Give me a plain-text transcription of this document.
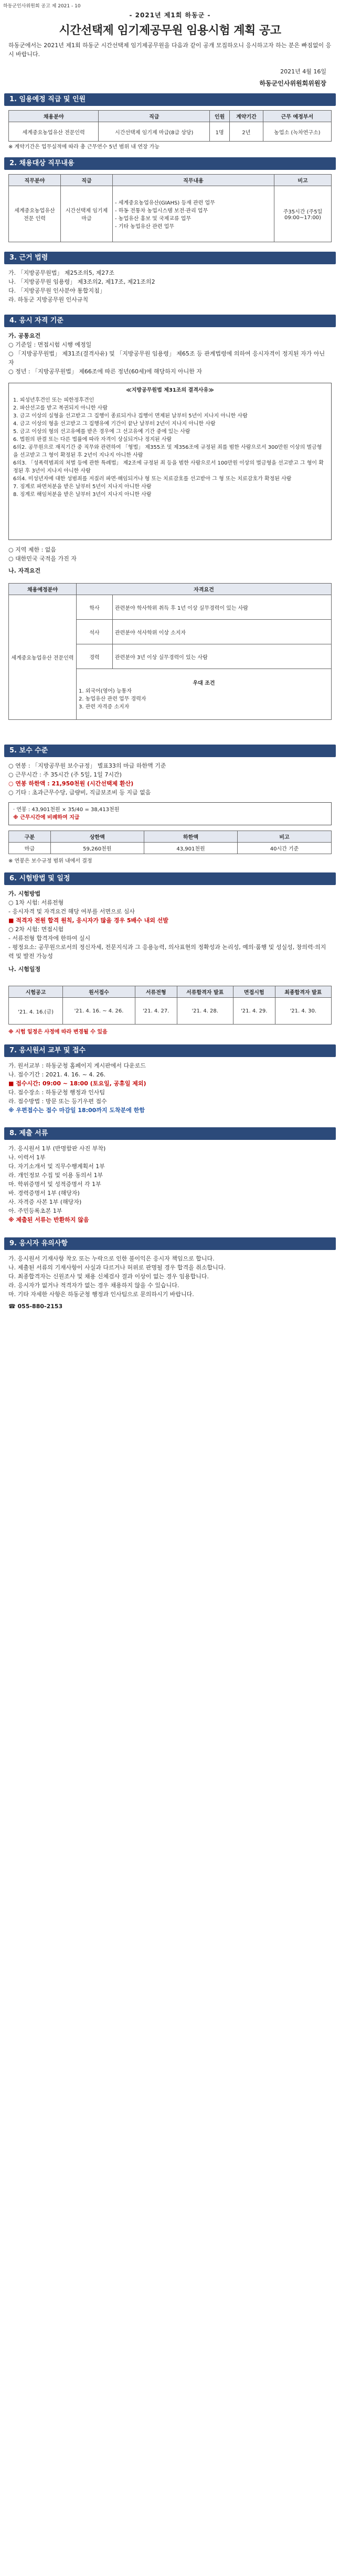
하동군인사위원회 공고 제 2021 - 10
- 2021년 제1회 하동군 -
시간선택제 임기제공무원 임용시험 계획 공고
하동군에서는 2021년 제1회 하동군 시간선택제 임기제공무원을 다음과 같이 공개 모집하오니 응시하고자 하는 분은 빠짐없이 응시 바랍니다.
2021년 4월 16일
하동군인사위원회위원장
1. 임용예정 직급 및 인원
채용분야	직급	인원	계약기간	근무 예정부서
세계중요농업유산 전문인력	시간선택제 임기제 마급(8급 상당)	1명	2년	농업소 (녹차연구소)
※ 계약기간은 업무실적에 따라 총 근무연수 5년 범위 내 연장 가능
2. 채용대상 직무내용
직무분야	직급	직무내용	비고
세계중요농업유산 전문 인력	시간선택제 임기제 마급	- 세계중요농업유산(GIAHS) 등재 관련 업무
- 하동 전통차 농업시스템 보전·관리 업무
- 농업유산 홍보 및 국제교류 업무
- 기타 농업유산 관련 업무	주35시간 (주5일 09:00~17:00)
3. 근거 법령

가. 「지방공무원법」 제25조의5, 제27조

나. 「지방공무원 임용령」 제3조의2, 제17조, 제21조의2

다. 「지방공무원 인사분야 통합지침」

라. 하동군 지방공무원 인사규칙

4. 응시 자격 기준

가. 공통요건

○ 기준일 : 면접시험 시행 예정일

○ 「지방공무원법」 제31조(결격사유) 및 「지방공무원 임용령」 제65조 등 관계법령에 의하여 응시자격이 정지된 자가 아닌 자

○ 정년 : 「지방공무원법」 제66조에 따른 정년(60세)에 해당하지 아니한 자

≪지방공무원법 제31조의 결격사유≫

1. 피성년후견인 또는 피한정후견인

2. 파산선고를 받고 복권되지 아니한 사람

3. 금고 이상의 실형을 선고받고 그 집행이 종료되거나 집행이 면제된 날부터 5년이 지나지 아니한 사람

4. 금고 이상의 형을 선고받고 그 집행유예 기간이 끝난 날부터 2년이 지나지 아니한 사람

5. 금고 이상의 형의 선고유예를 받은 경우에 그 선고유예 기간 중에 있는 사람

6. 법원의 판결 또는 다른 법률에 따라 자격이 상실되거나 정지된 사람

6의2. 공무원으로 재직기간 중 직무와 관련하여 「형법」 제355조 및 제356조에 규정된 죄를 범한 사람으로서 300만원 이상의 벌금형을 선고받고 그 형이 확정된 후 2년이 지나지 아니한 사람

6의3. 「성폭력범죄의 처벌 등에 관한 특례법」 제2조에 규정된 죄 등을 범한 사람으로서 100만원 이상의 벌금형을 선고받고 그 형이 확정된 후 3년이 지나지 아니한 사람

6의4. 미성년자에 대한 성범죄를 저질러 파면·해임되거나 형 또는 치료감호를 선고받아 그 형 또는 치료감호가 확정된 사람

7. 징계로 파면처분을 받은 날부터 5년이 지나지 아니한 사람

8. 징계로 해임처분을 받은 날부터 3년이 지나지 아니한 사람

○ 지역 제한 : 없음

○ 대한민국 국적을 가진 자

나. 자격요건

채용예정분야	자격요건	
세계중요농업유산 전문인력	학사	관련분야 학사학위 취득 후 1년 이상 실무경력이 있는 사람
	석사	관련분야 석사학위 이상 소지자
	경력	관련분야 3년 이상 실무경력이 있는 사람

	우대 조건
1. 외국어(영어) 능통자
2. 농업유산 관련 업무 경력자
3. 관련 자격증 소지자	
5. 보수 수준

○ 연봉 : 「지방공무원 보수규정」 별표33의 마급 하한액 기준

○ 근무시간 : 주 35시간 (주 5일, 1일 7시간)

○ 연봉 하한액 : 21,950천원 (시간선택제 환산)

○ 기타 : 초과근무수당, 급량비, 직급보조비 등 지급 없음

· 연봉 : 43,901천원 × 35/40 = 38,413천원

※ 근무시간에 비례하여 지급

구분	상한액	하한액	비고
마급	59,260천원	43,901천원	40시간 기준
※ 연봉은 보수규정 범위 내에서 결정
6. 시험방법 및 일정

가. 시험방법

○ 1차 시험: 서류전형

- 응시자격 및 자격요건 해당 여부를 서면으로 심사

■ 적격자 전원 합격 원칙, 응시자가 많을 경우 5배수 내외 선발

○ 2차 시험: 면접시험

- 서류전형 합격자에 한하여 실시

- 평정요소: 공무원으로서의 정신자세, 전문지식과 그 응용능력, 의사표현의 정확성과 논리성, 예의·품행 및 성실성, 창의력·의지력 및 발전 가능성

나. 시험일정

시험공고	원서접수	서류전형	서류합격자 발표	면접시험	최종합격자 발표
'21. 4. 16.(금)	'21. 4. 16. ~ 4. 26.	'21. 4. 27.	'21. 4. 28.	'21. 4. 29.	'21. 4. 30.
※ 시험 일정은 사정에 따라 변경될 수 있음
7. 응시원서 교부 및 접수

가. 원서교부 : 하동군청 홈페이지 게시판에서 다운로드

나. 접수기간 : 2021. 4. 16. ~ 4. 26.

■ 접수시간: 09:00 ~ 18:00 (토요일, 공휴일 제외)

다. 접수장소 : 하동군청 행정과 인사팀

라. 접수방법 : 방문 또는 등기우편 접수

※ 우편접수는 접수 마감일 18:00까지 도착분에 한함

8. 제출 서류

가. 응시원서 1부 (반명함판 사진 부착)

나. 이력서 1부

다. 자기소개서 및 직무수행계획서 1부

라. 개인정보 수집 및 이용 동의서 1부

마. 학위증명서 및 성적증명서 각 1부

바. 경력증명서 1부 (해당자)

사. 자격증 사본 1부 (해당자)

아. 주민등록초본 1부

※ 제출된 서류는 반환하지 않음

9. 응시자 유의사항

가. 응시원서 기재사항 착오 또는 누락으로 인한 불이익은 응시자 책임으로 합니다.

나. 제출된 서류의 기재사항이 사실과 다르거나 허위로 판명될 경우 합격을 취소합니다.

다. 최종합격자는 신원조사 및 채용 신체검사 결과 이상이 없는 경우 임용합니다.

라. 응시자가 없거나 적격자가 없는 경우 채용하지 않을 수 있습니다.

마. 기타 자세한 사항은 하동군청 행정과 인사팀으로 문의하시기 바랍니다.

☎ 055-880-2153
